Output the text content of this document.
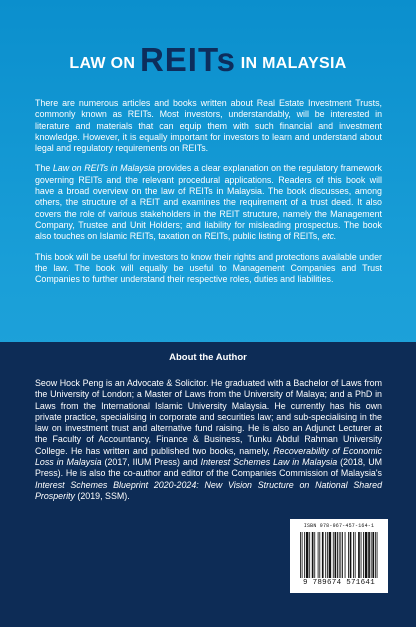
LAW ON REITs IN MALAYSIA

There are numerous articles and books written about Real Estate Investment Trusts, commonly known as REITs. Most investors, understandably, will be interested in literature and materials that can equip them with such financial and investment knowledge. However, it is equally important for investors to learn and understand about legal and regulatory requirements on REITs.

The Law on REITs in Malaysia provides a clear explanation on the regulatory framework governing REITs and the relevant procedural applications. Readers of this book will have a broad overview on the law of REITs in Malaysia. The book discusses, among others, the structure of a REIT and examines the requirement of a trust deed. It also covers the role of various stakeholders in the REIT structure, namely the Management Company, Trustee and Unit Holders; and liability for misleading prospectus. The book also touches on Islamic REITs, taxation on REITs, public listing of REITs, etc.

This book will be useful for investors to know their rights and protections available under the law. The book will equally be useful to Management Companies and Trust Companies to further understand their respective roles, duties and liabilities.

About the Author

Seow Hock Peng is an Advocate & Solicitor. He graduated with a Bachelor of Laws from the University of London; a Master of Laws from the University of Malaya; and a PhD in Laws from the International Islamic University Malaysia. He currently has his own private practice, specialising in corporate and securities law; and sub-specialising in the law on investment trust and alternative fund raising. He is also an Adjunct Lecturer at the Faculty of Accountancy, Finance & Business, Tunku Abdul Rahman University College. He has written and published two books, namely, Recoverability of Economic Loss in Malaysia (2017, IIUM Press) and Interest Schemes Law in Malaysia (2018, UM Press). He is also the co-author and editor of the Companies Commission of Malaysia's Interest Schemes Blueprint 2020-2024: New Vision Structure on National Shared Prosperity (2019, SSM).

ISBN 978-967-457-164-1
9 789674 571641
